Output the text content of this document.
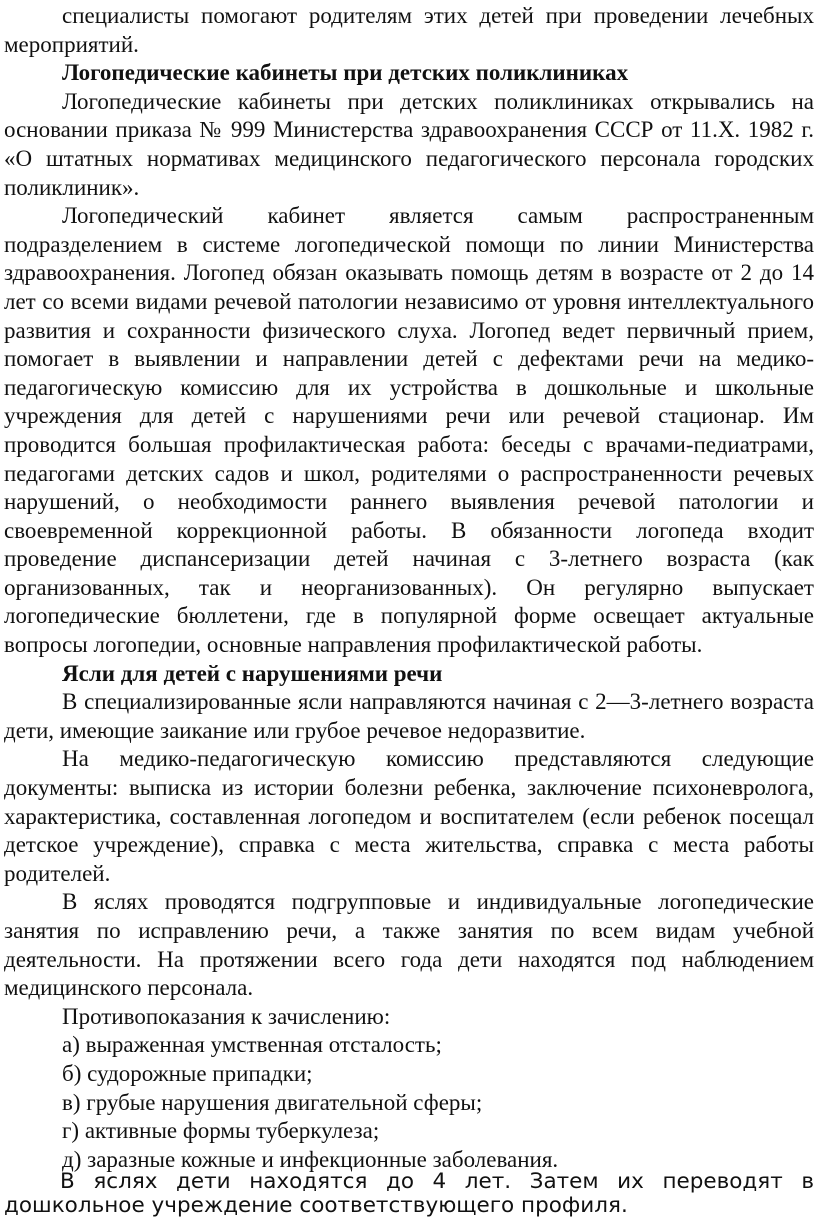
специалисты помогают родителям этих детей при проведении лечебных мероприятий.

Логопедические кабинеты при детских поликлиниках

Логопедические кабинеты при детских поликлиниках открывались на основании приказа № 999 Министерства здравоохранения СССР от 11.X. 1982 г. «О штатных нормативах медицинского педагогического персонала городских поликлиник».

Логопедический кабинет является самым распространенным подразделением в системе логопедической помощи по линии Министерства здравоохранения. Логопед обязан оказывать помощь детям в возрасте от 2 до 14 лет со всеми видами речевой патологии независимо от уровня интеллектуального развития и сохранности физического слуха. Логопед ведет первичный прием, помогает в выявлении и направлении детей с дефектами речи на медико-педагогическую комиссию для их устройства в дошкольные и школьные учреждения для детей с нарушениями речи или речевой стационар. Им проводится большая профилактическая работа: беседы с врачами-педиатрами, педагогами детских садов и школ, родителями о распространенности речевых нарушений, о необходимости раннего выявления речевой патологии и своевременной коррекционной работы. В обязанности логопеда входит проведение диспансеризации детей начиная с 3-летнего возраста (как организованных, так и неорганизованных). Он регулярно выпускает логопедические бюллетени, где в популярной форме освещает актуальные вопросы логопедии, основные направления профилактической работы.

Ясли для детей с нарушениями речи

В специализированные ясли направляются начиная с 2—3-летнего возраста дети, имеющие заикание или грубое речевое недоразвитие.

На медико-педагогическую комиссию представляются следующие документы: выписка из истории болезни ребенка, заключение психоневролога, характеристика, составленная логопедом и воспитателем (если ребенок посещал детское учреждение), справка с места жительства, справка с места работы родителей.

В яслях проводятся подгрупповые и индивидуальные логопедические занятия по исправлению речи, а также занятия по всем видам учебной деятельности. На протяжении всего года дети находятся под наблюдением медицинского персонала.

Противопоказания к зачислению:

а) выраженная умственная отсталость;

б) судорожные припадки;

в) грубые нарушения двигательной сферы;

г) активные формы туберкулеза;

д) заразные кожные и инфекционные заболевания.

В яслях дети находятся до 4 лет. Затем их переводят в
дошкольное учреждение соответствующего профиля.
